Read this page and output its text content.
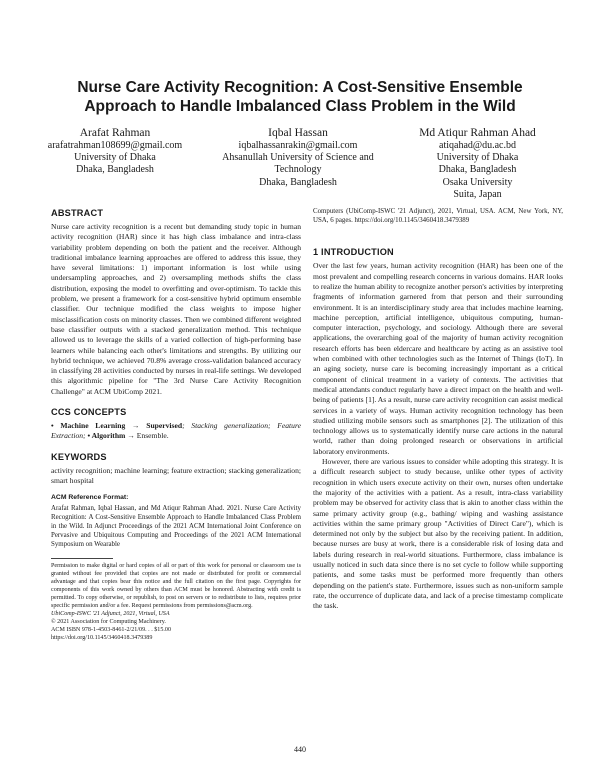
Nurse Care Activity Recognition: A Cost-Sensitive Ensemble
Approach to Handle Imbalanced Class Problem in the Wild
Arafat Rahman
arafatrahman108699@gmail.com
University of Dhaka
Dhaka, Bangladesh
Iqbal Hassan
iqbalhassanrakin@gmail.com
Ahsanullah University of Science and
Technology
Dhaka, Bangladesh
Md Atiqur Rahman Ahad
atiqahad@du.ac.bd
University of Dhaka
Dhaka, Bangladesh
Osaka University
Suita, Japan
ABSTRACT

Nurse care activity recognition is a recent but demanding study topic in human activity recognition (HAR) since it has high class imbalance and intra-class variability problem depending on both the patient and the receiver. Although traditional imbalance learning approaches are offered to address this issue, they have several limitations: 1) important information is lost while using undersampling approaches, and 2) oversampling methods shifts the class distribution, exposing the model to overfitting and over-optimism. To tackle this problem, we present a framework for a cost-sensitive hybrid optimum ensemble classifier. Our technique modified the class weights to impose higher misclassification costs on minority classes. Then we combined different weighted base classifier outputs with a stacked generalization method. This technique allowed us to leverage the skills of a varied collection of high-performing base learners while balancing each other's limitations and strengths. By utilizing our hybrid technique, we achieved 70.8% average cross-validation balanced accuracy in classifying 28 activities conducted by nurses in real-life settings. We developed this algorithmic pipeline for "The 3rd Nurse Care Activity Recognition Challenge" at ACM UbiComp 2021.

CCS CONCEPTS

• Machine Learning → Supervised; Stacking generalization; Feature Extraction; • Algorithm → Ensemble.

KEYWORDS

activity recognition; machine learning; feature extraction; stacking generalization; smart hospital

ACM Reference Format:

Arafat Rahman, Iqbal Hassan, and Md Atiqur Rahman Ahad. 2021. Nurse Care Activity Recognition: A Cost-Sensitive Ensemble Approach to Handle Imbalanced Class Problem in the Wild. In Adjunct Proceedings of the 2021 ACM International Joint Conference on Pervasive and Ubiquitous Computing and Proceedings of the 2021 ACM International Symposium on Wearable

Permission to make digital or hard copies of all or part of this work for personal or classroom use is granted without fee provided that copies are not made or distributed for profit or commercial advantage and that copies bear this notice and the full citation on the first page. Copyrights for components of this work owned by others than ACM must be honored. Abstracting with credit is permitted. To copy otherwise, or republish, to post on servers or to redistribute to lists, requires prior specific permission and/or a fee. Request permissions from permissions@acm.org.

UbiComp-ISWC '21 Adjunct, 2021, Virtual, USA

© 2021 Association for Computing Machinery.

ACM ISBN 978-1-4503-8461-2/21/09. . . $15.00

https://doi.org/10.1145/3460418.3479389

Computers (UbiComp-ISWC '21 Adjunct), 2021, Virtual, USA. ACM, New York, NY, USA, 6 pages. https://doi.org/10.1145/3460418.3479389

1 INTRODUCTION

Over the last few years, human activity recognition (HAR) has been one of the most prevalent and compelling research concerns in various domains. HAR looks to realize the human ability to recognize another person's activities by interpreting fragments of information garnered from that person and their surrounding environment. It is an interdisciplinary study area that includes machine learning, machine perception, artificial intelligence, ubiquitous computing, human-computer interaction, psychology, and sociology. Although there are several applications, the overarching goal of the majority of human activity recognition research efforts has been eldercare and healthcare by acting as an assistive tool when combined with other technologies such as the Internet of Things (IoT). In an aging society, nurse care is becoming increasingly important as a critical component of clinical treatment in a variety of contexts. The activities that medical attendants conduct regularly have a direct impact on the health and well-being of patients [1]. As a result, nurse care activity recognition can assist medical services in a variety of ways. Human activity recognition technology has been studied utilizing mobile sensors such as smartphones [2]. The utilization of this technology allows us to systematically identify nurse care actions in the natural world, rather than doing prolonged research or observations in artificial laboratory environments.

However, there are various issues to consider while adopting this strategy. It is a difficult research subject to study because, unlike other types of activity recognition in which users execute activity on their own, nurses often undertake the majority of the activities with a patient. As a result, intra-class variability problem may be observed for activity class that is akin to another class within the same primary activity group (e.g., bathing/ wiping and washing assistance activities within the same primary group "Activities of Direct Care"), which is determined not only by the subject but also by the receiving patient. In addition, because nurses are busy at work, there is a considerable risk of losing data and labels during research in real-world situations. Furthermore, class imbalance is usually noticed in such data since there is no set cycle to follow while supporting patients, and some tasks must be performed more frequently than others depending on the patient's state. Furthermore, issues such as non-uniform sample rate, the occurrence of duplicate data, and lack of a precise timestamp complicate the task.

440
